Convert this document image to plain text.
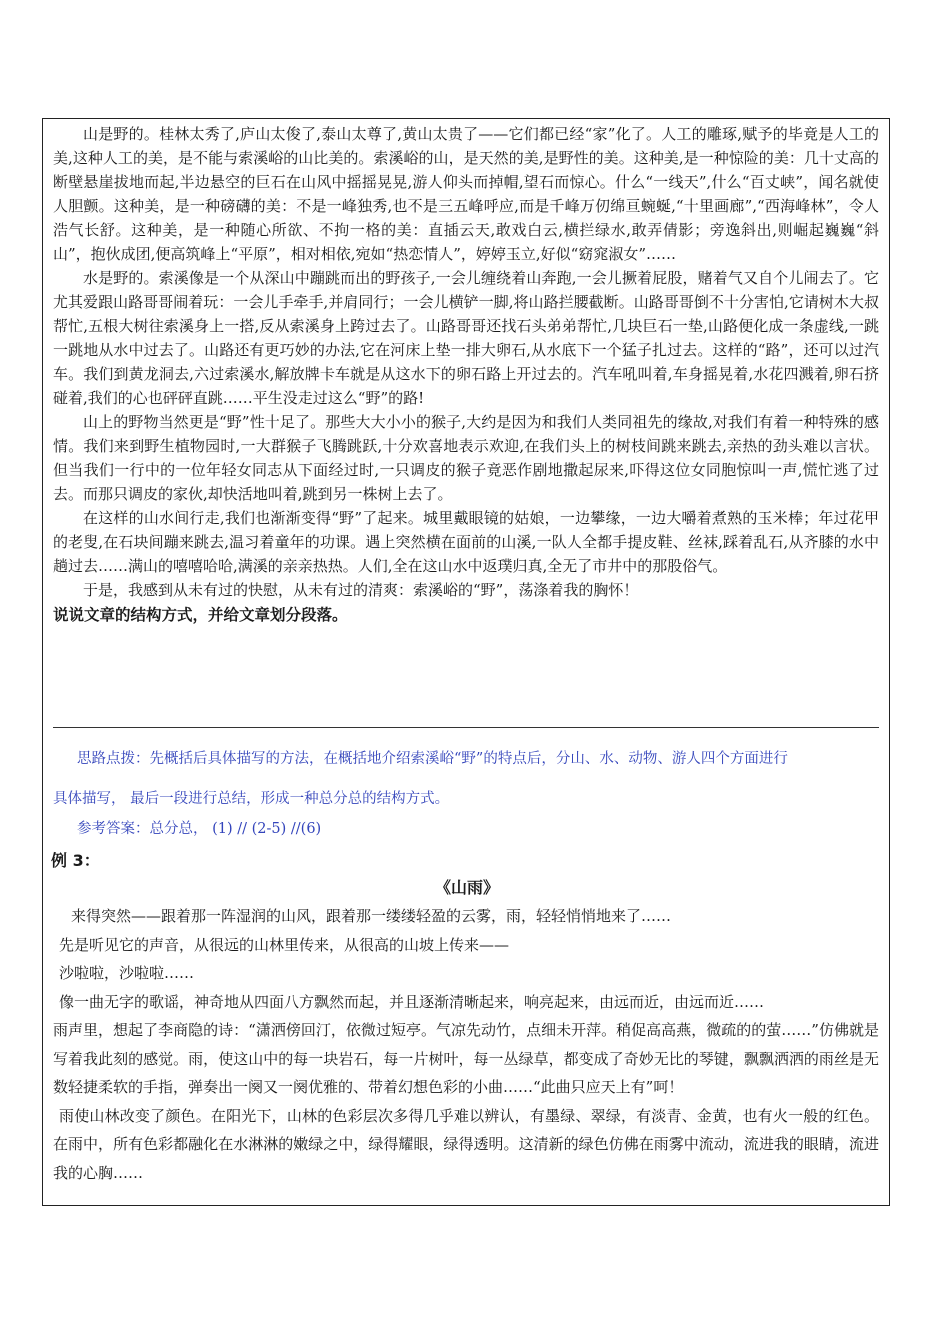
山是野的。桂林太秀了,庐山太俊了,泰山太尊了,黄山太贵了——它们都已经“家”化了。人工的雕琢,赋予的毕竟是人工的美,这种人工的美，是不能与索溪峪的山比美的。索溪峪的山，是天然的美,是野性的美。这种美,是一种惊险的美：几十丈高的断壁悬崖拔地而起,半边悬空的巨石在山风中摇摇晃晃,游人仰头而掉帽,望石而惊心。什么“一线天”,什么“百丈峡”，闻名就使人胆颤。这种美，是一种磅礴的美：不是一峰独秀,也不是三五峰呼应,而是千峰万仞绵亘蜿蜒,“十里画廊”,“西海峰林”，令人浩气长舒。这种美，是一种随心所欲、不拘一格的美：直插云天,敢戏白云,横拦绿水,敢弄倩影；旁逸斜出,则崛起巍巍“斜山”，抱伙成团,便高筑峰上“平原”，相对相依,宛如“热恋情人”，婷婷玉立,好似“窈窕淑女”……

水是野的。索溪像是一个从深山中蹦跳而出的野孩子,一会儿缠绕着山奔跑,一会儿撅着屁股，赌着气又自个儿闹去了。它尤其爱跟山路哥哥闹着玩：一会儿手牵手,并肩同行；一会儿横铲一脚,将山路拦腰截断。山路哥哥倒不十分害怕,它请树木大叔帮忙,五根大树往索溪身上一搭,反从索溪身上跨过去了。山路哥哥还找石头弟弟帮忙,几块巨石一垫,山路便化成一条虚线,一跳一跳地从水中过去了。山路还有更巧妙的办法,它在河床上垫一排大卵石,从水底下一个猛子扎过去。这样的“路”，还可以过汽车。我们到黄龙洞去,六过索溪水,解放牌卡车就是从这水下的卵石路上开过去的。汽车吼叫着,车身摇晃着,水花四溅着,卵石挤碰着,我们的心也砰砰直跳……平生没走过这么“野”的路!

山上的野物当然更是“野”性十足了。那些大大小小的猴子,大约是因为和我们人类同祖先的缘故,对我们有着一种特殊的感情。我们来到野生植物园时,一大群猴子飞腾跳跃,十分欢喜地表示欢迎,在我们头上的树枝间跳来跳去,亲热的劲头难以言状。但当我们一行中的一位年轻女同志从下面经过时,一只调皮的猴子竟恶作剧地撒起尿来,吓得这位女同胞惊叫一声,慌忙逃了过去。而那只调皮的家伙,却快活地叫着,跳到另一株树上去了。

在这样的山水间行走,我们也渐渐变得“野”了起来。城里戴眼镜的姑娘，一边攀缘，一边大嚼着煮熟的玉米棒；年过花甲的老叟,在石块间蹦来跳去,温习着童年的功课。遇上突然横在面前的山溪,一队人全都手提皮鞋、丝袜,踩着乱石,从齐膝的水中趟过去……满山的嘻嘻哈哈,满溪的亲亲热热。人们,全在这山水中返璞归真,全无了市井中的那股俗气。

于是，我感到从未有过的快慰，从未有过的清爽：索溪峪的“野”，荡涤着我的胸怀！

说说文章的结构方式，并给文章划分段落。

思路点拨：先概括后具体描写的方法，在概括地介绍索溪峪“野”的特点后，分山、水、动物、游人四个方面进行

具体描写， 最后一段进行总结，形成一种总分总的结构方式。

参考答案：总分总， (1) // (2-5) //(6)

例 3：

《山雨》

来得突然——跟着那一阵湿润的山风，跟着那一缕缕轻盈的云雾，雨，轻轻悄悄地来了……

先是听见它的声音，从很远的山林里传来，从很高的山坡上传来——

沙啦啦，沙啦啦……

像一曲无字的歌谣，神奇地从四面八方飘然而起，并且逐渐清晰起来，响亮起来，由远而近，由远而近……

雨声里，想起了李商隐的诗：“潇洒傍回汀，依微过短亭。气凉先动竹，点细未开萍。稍促高高燕，微疏的的萤……”仿佛就是写着我此刻的感觉。雨，使这山中的每一块岩石，每一片树叶，每一丛绿草，都变成了奇妙无比的琴键，飘飘洒洒的雨丝是无数轻捷柔软的手指，弹奏出一阕又一阕优雅的、带着幻想色彩的小曲……“此曲只应天上有”呵！

雨使山林改变了颜色。在阳光下，山林的色彩层次多得几乎难以辨认，有墨绿、翠绿，有淡青、金黄，也有火一般的红色。在雨中，所有色彩都融化在水淋淋的嫩绿之中，绿得耀眼，绿得透明。这清新的绿色仿佛在雨雾中流动，流进我的眼睛，流进我的心胸……
